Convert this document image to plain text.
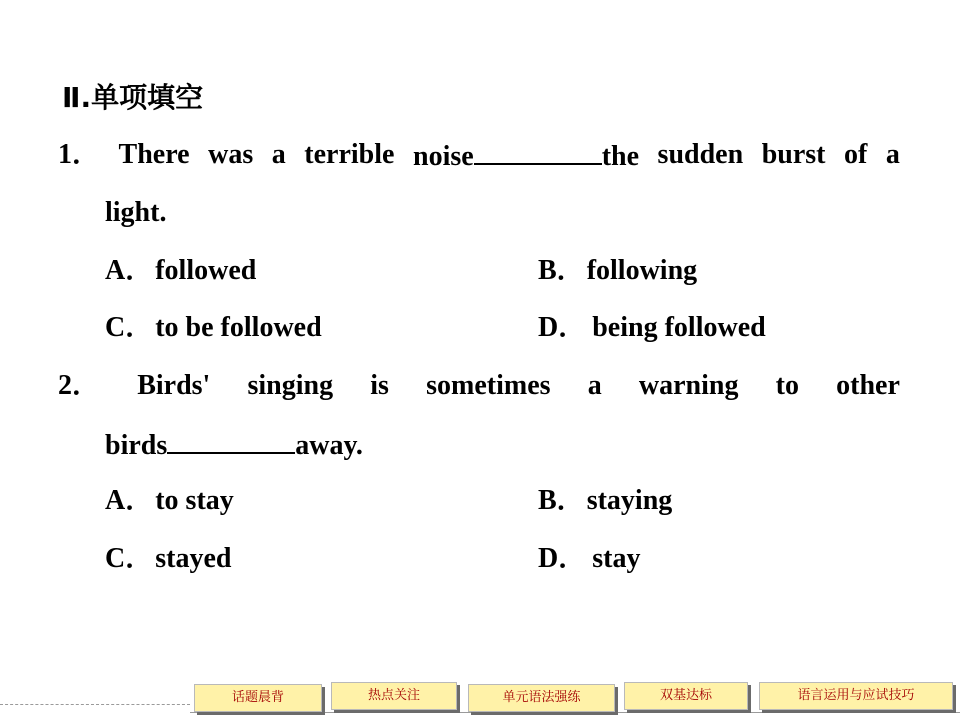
Ⅱ.单项填空
1． There was a terrible noise	the sudden burst of a
light.
A．followed	B．following
C．to be followed	D． being followed
2． Birds' singing is sometimes a warning to other
birds	away.
A．to stay	B．staying
C．stayed	D． stay
话题晨背	热点关注	单元语法强练	双基达标	语言运用与应试技巧
